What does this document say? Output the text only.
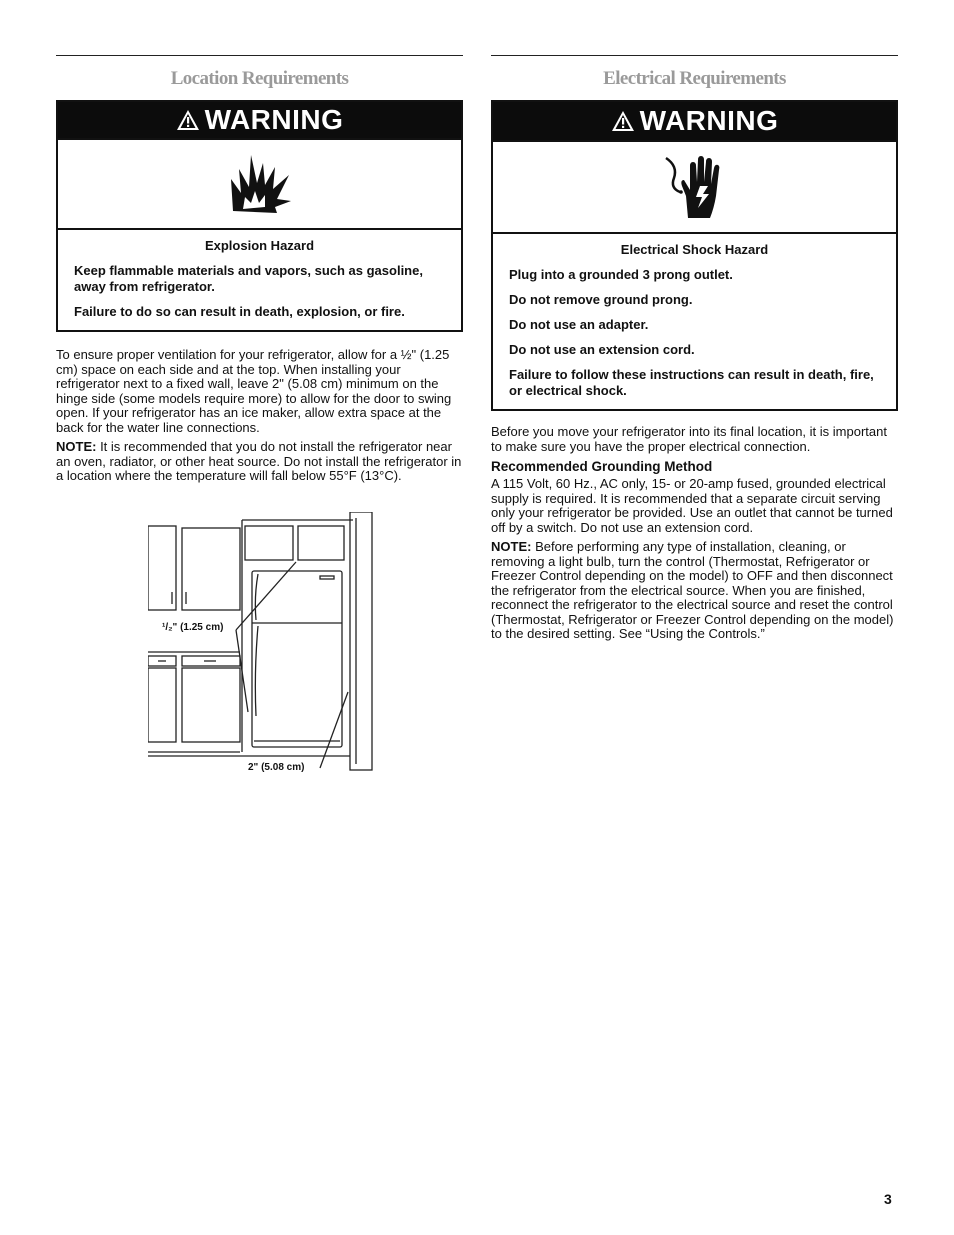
Location Requirements
WARNING
Explosion Hazard

Keep flammable materials and vapors, such as gasoline, away from refrigerator.

Failure to do so can result in death, explosion, or fire.

To ensure proper ventilation for your refrigerator, allow for a ½" (1.25 cm) space on each side and at the top. When installing your refrigerator next to a fixed wall, leave 2" (5.08 cm) minimum on the hinge side (some models require more) to allow for the door to swing open. If your refrigerator has an ice maker, allow extra space at the back for the water line connections.

NOTE: It is recommended that you do not install the refrigerator near an oven, radiator, or other heat source. Do not install the refrigerator in a location where the temperature will fall below 55°F (13°C).

¹/₂" (1.25 cm)
2" (5.08 cm)
Electrical Requirements
WARNING
Electrical Shock Hazard

Plug into a grounded 3 prong outlet.

Do not remove ground prong.

Do not use an adapter.

Do not use an extension cord.

Failure to follow these instructions can result in death, fire, or electrical shock.

Before you move your refrigerator into its final location, it is important to make sure you have the proper electrical connection.

Recommended Grounding Method

A 115 Volt, 60 Hz., AC only, 15- or 20-amp fused, grounded electrical supply is required. It is recommended that a separate circuit serving only your refrigerator be provided. Use an outlet that cannot be turned off by a switch. Do not use an extension cord.

NOTE: Before performing any type of installation, cleaning, or removing a light bulb, turn the control (Thermostat, Refrigerator or Freezer Control depending on the model) to OFF and then disconnect the refrigerator from the electrical source. When you are finished, reconnect the refrigerator to the electrical source and reset the control (Thermostat, Refrigerator or Freezer Control depending on the model) to the desired setting. See “Using the Controls.”

3
